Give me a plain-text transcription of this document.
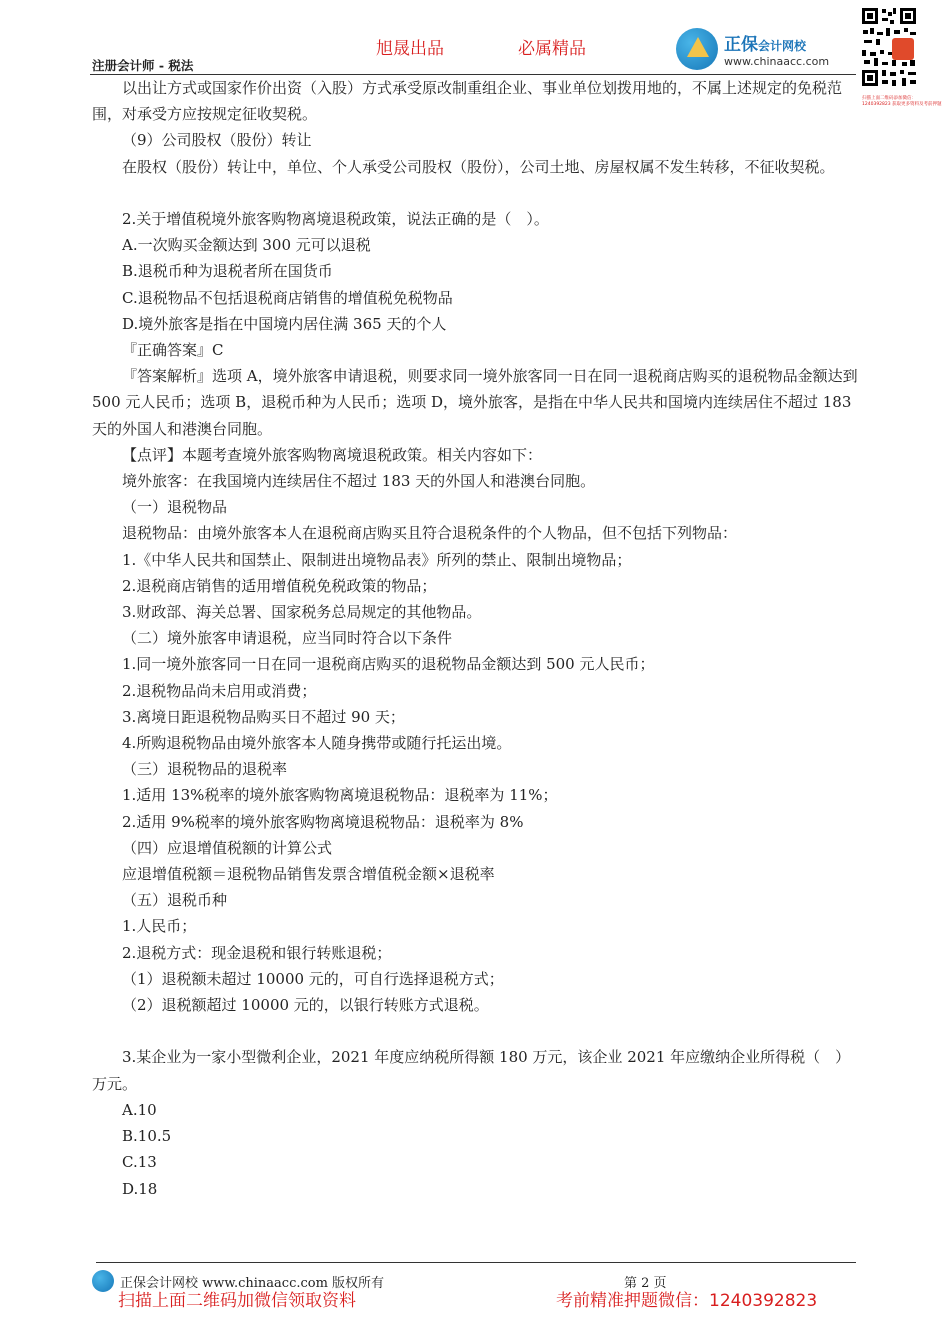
旭晟出品	必属精品
注册会计师 - 税法
正保会计网校
www.chinaacc.com
扫描上面二维码添加微信：1240392823 获取更多资料及考前押题

以出让方式或国家作价出资（入股）方式承受原改制重组企业、事业单位划拨用地的，不属上述规定的免税范围，对承受方应按规定征收契税。

（9）公司股权（股份）转让

在股权（股份）转让中，单位、个人承受公司股权（股份），公司土地、房屋权属不发生转移，不征收契税。

2.关于增值税境外旅客购物离境退税政策，说法正确的是（　）。

A.一次购买金额达到 300 元可以退税

B.退税币种为退税者所在国货币

C.退税物品不包括退税商店销售的增值税免税物品

D.境外旅客是指在中国境内居住满 365 天的个人

『正确答案』C

『答案解析』选项 A，境外旅客申请退税，则要求同一境外旅客同一日在同一退税商店购买的退税物品金额达到 500 元人民币；选项 B，退税币种为人民币；选项 D，境外旅客，是指在中华人民共和国境内连续居住不超过 183 天的外国人和港澳台同胞。

【点评】本题考查境外旅客购物离境退税政策。相关内容如下：

境外旅客：在我国境内连续居住不超过 183 天的外国人和港澳台同胞。

（一）退税物品

退税物品：由境外旅客本人在退税商店购买且符合退税条件的个人物品，但不包括下列物品：

1.《中华人民共和国禁止、限制进出境物品表》所列的禁止、限制出境物品；

2.退税商店销售的适用增值税免税政策的物品；

3.财政部、海关总署、国家税务总局规定的其他物品。

（二）境外旅客申请退税，应当同时符合以下条件

1.同一境外旅客同一日在同一退税商店购买的退税物品金额达到 500 元人民币；

2.退税物品尚未启用或消费；

3.离境日距退税物品购买日不超过 90 天；

4.所购退税物品由境外旅客本人随身携带或随行托运出境。

（三）退税物品的退税率

1.适用 13%税率的境外旅客购物离境退税物品：退税率为 11%；

2.适用 9%税率的境外旅客购物离境退税物品：退税率为 8%

（四）应退增值税额的计算公式

应退增值税额＝退税物品销售发票含增值税金额×退税率

（五）退税币种

1.人民币；

2.退税方式：现金退税和银行转账退税；

（1）退税额未超过 10000 元的，可自行选择退税方式；

（2）退税额超过 10000 元的，以银行转账方式退税。

3.某企业为一家小型微利企业，2021 年度应纳税所得额 180 万元，该企业 2021 年应缴纳企业所得税（　）万元。

A.10

B.10.5

C.13

D.18

正保会计网校 www.chinaacc.com 版权所有	第 2 页
扫描上面二维码加微信领取资料	考前精准押题微信：1240392823
